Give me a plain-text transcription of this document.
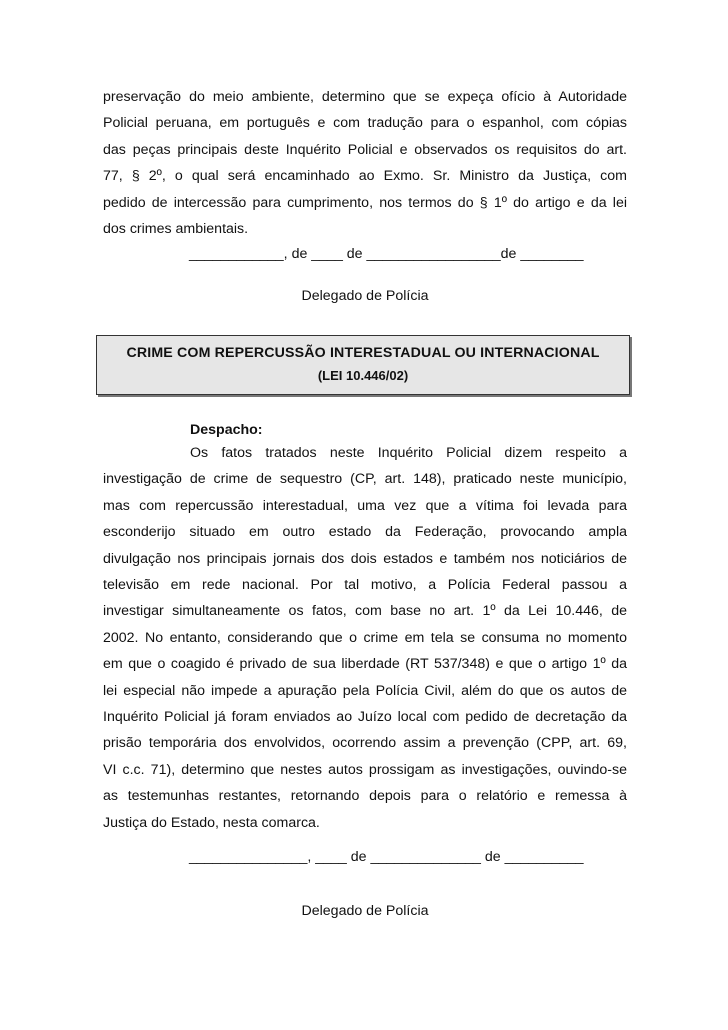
preservação do meio ambiente, determino que se expeça ofício à Autoridade

Policial peruana, em português e com tradução para o espanhol, com cópias

das peças principais deste Inquérito Policial e observados os requisitos do art.

77, § 2º, o qual será encaminhado ao Exmo. Sr. Ministro da Justiça, com

pedido de intercessão para cumprimento, nos termos do § 1º do artigo e da lei

dos crimes ambientais.

____________, de ____ de _________________de ________

Delegado de Polícia

CRIME COM REPERCUSSÃO INTERESTADUAL OU INTERNACIONAL
(LEI 10.446/02)

Despacho:

Os fatos tratados neste Inquérito Policial dizem respeito a

investigação de crime de sequestro (CP, art. 148), praticado neste município,

mas com repercussão interestadual, uma vez que a vítima foi levada para

esconderijo situado em outro estado da Federação, provocando ampla

divulgação nos principais jornais dos dois estados e também nos noticiários de

televisão em rede nacional. Por tal motivo, a Polícia Federal passou a

investigar simultaneamente os fatos, com base no art. 1º da Lei 10.446, de

2002. No entanto, considerando que o crime em tela se consuma no momento

em que o coagido é privado de sua liberdade (RT 537/348) e que o artigo 1º da

lei especial não impede a apuração pela Polícia Civil, além do que os autos de

Inquérito Policial já foram enviados ao Juízo local com pedido de decretação da

prisão temporária dos envolvidos, ocorrendo assim a prevenção (CPP, art. 69,

VI c.c. 71), determino que nestes autos prossigam as investigações, ouvindo-se

as testemunhas restantes, retornando depois para o relatório e remessa à

Justiça do Estado, nesta comarca.

_______________, ____ de ______________ de __________

Delegado de Polícia
